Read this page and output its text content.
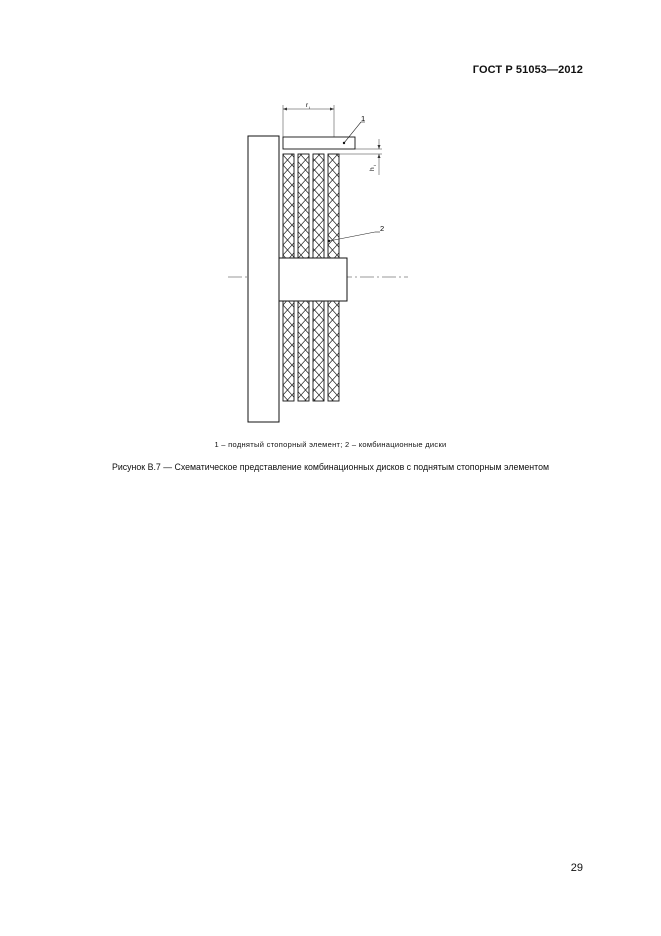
ГОСТ Р 51053—2012
r i
h
i
1
2
1 – поднятый стопорный элемент; 2 – комбинационные диски
Рисунок В.7 — Схематическое представление комбинационных дисков с поднятым стопорным элементом
29
